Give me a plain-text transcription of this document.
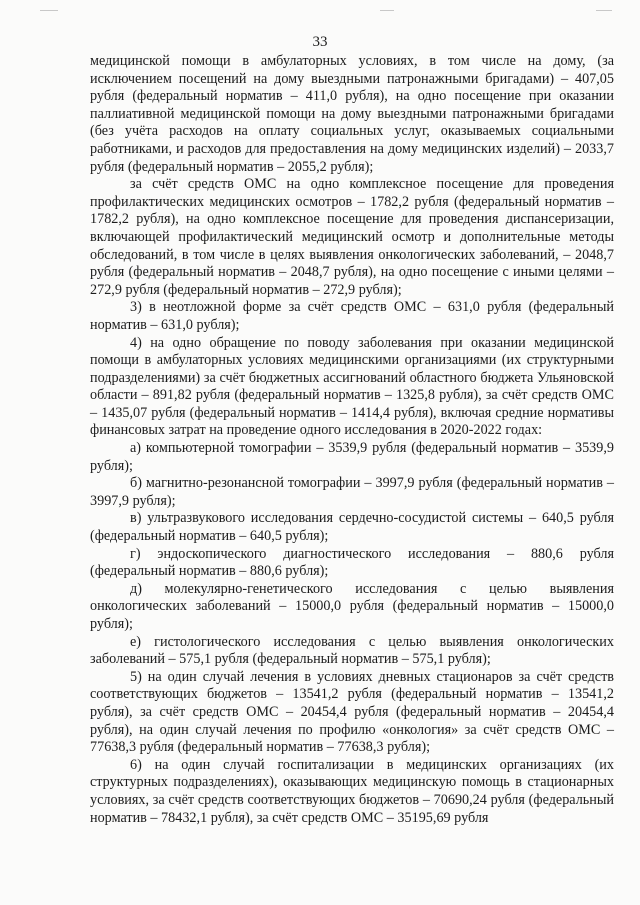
33

медицинской помощи в амбулаторных условиях, в том числе на дому, (за исключением посещений на дому выездными патронажными бригадами) – 407,05 рубля (федеральный норматив – 411,0 рубля), на одно посещение при оказании паллиативной медицинской помощи на дому выездными патронажными бригадами (без учёта расходов на оплату социальных услуг, оказываемых социальными работниками, и расходов для предоставления на дому медицинских изделий) – 2033,7 рубля (федеральный норматив – 2055,2 рубля);

за счёт средств ОМС на одно комплексное посещение для проведения профилактических медицинских осмотров – 1782,2 рубля (федеральный норматив – 1782,2 рубля), на одно комплексное посещение для проведения диспансеризации, включающей профилактический медицинский осмотр и дополнительные методы обследований, в том числе в целях выявления онкологических заболеваний, – 2048,7 рубля (федеральный норматив – 2048,7 рубля), на одно посещение с иными целями – 272,9 рубля (федеральный норматив – 272,9 рубля);

3) в неотложной форме за счёт средств ОМС – 631,0 рубля (федеральный норматив – 631,0 рубля);

4) на одно обращение по поводу заболевания при оказании медицинской помощи в амбулаторных условиях медицинскими организациями (их структурными подразделениями) за счёт бюджетных ассигнований областного бюджета Ульяновской области – 891,82 рубля (федеральный норматив – 1325,8 рубля), за счёт средств ОМС – 1435,07 рубля (федеральный норматив – 1414,4 рубля), включая средние нормативы финансовых затрат на проведение одного исследования в 2020-2022 годах:

а) компьютерной томографии – 3539,9 рубля (федеральный норматив – 3539,9 рубля);

б) магнитно-резонансной томографии – 3997,9 рубля (федеральный норматив – 3997,9 рубля);

в) ультразвукового исследования сердечно-сосудистой системы – 640,5 рубля (федеральный норматив – 640,5 рубля);

г) эндоскопического диагностического исследования – 880,6 рубля (федеральный норматив – 880,6 рубля);

д) молекулярно-генетического исследования с целью выявления онкологических заболеваний – 15000,0 рубля (федеральный норматив – 15000,0 рубля);

е) гистологического исследования с целью выявления онкологических заболеваний – 575,1 рубля (федеральный норматив – 575,1 рубля);

5) на один случай лечения в условиях дневных стационаров за счёт средств соответствующих бюджетов – 13541,2 рубля (федеральный норматив – 13541,2 рубля), за счёт средств ОМС – 20454,4 рубля (федеральный норматив – 20454,4 рубля), на один случай лечения по профилю «онкология» за счёт средств ОМС – 77638,3 рубля (федеральный норматив – 77638,3 рубля);

6) на один случай госпитализации в медицинских организациях (их структурных подразделениях), оказывающих медицинскую помощь в стационарных условиях, за счёт средств соответствующих бюджетов – 70690,24 рубля (федеральный норматив – 78432,1 рубля), за счёт средств ОМС – 35195,69 рубля
